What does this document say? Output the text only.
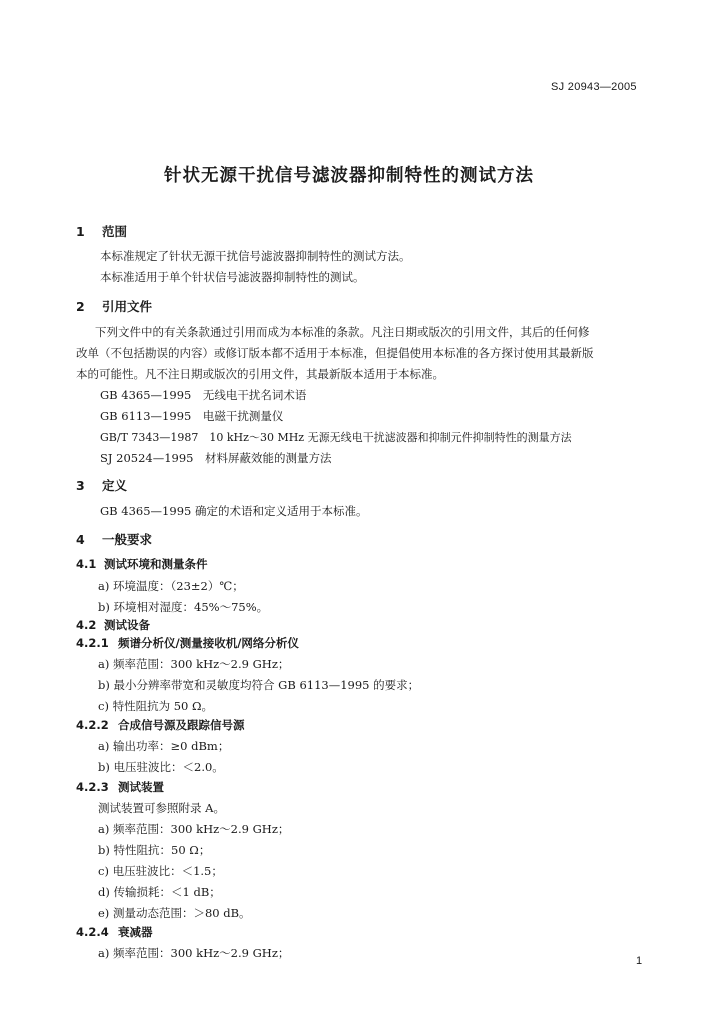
SJ 20943—2005
针状无源干扰信号滤波器抑制特性的测试方法
1 范围
本标准规定了针状无源干扰信号滤波器抑制特性的测试方法。
本标准适用于单个针状信号滤波器抑制特性的测试。
2 引用文件
下列文件中的有关条款通过引用而成为本标准的条款。凡注日期或版次的引用文件，其后的任何修
改单（不包括勘误的内容）或修订版本都不适用于本标准，但提倡使用本标准的各方探讨使用其最新版
本的可能性。凡不注日期或版次的引用文件，其最新版本适用于本标准。
GB 4365—1995　无线电干扰名词术语
GB 6113—1995　电磁干扰测量仪
GB/T 7343—1987　10 kHz～30 MHz 无源无线电干扰滤波器和抑制元件抑制特性的测量方法
SJ 20524—1995　材料屏蔽效能的测量方法
3 定义
GB 4365—1995 确定的术语和定义适用于本标准。
4 一般要求
4.1 测试环境和测量条件
a) 环境温度：（23±2）℃；
b) 环境相对湿度：45%～75%。
4.2 测试设备
4.2.1 频谱分析仪/测量接收机/网络分析仪
a) 频率范围：300 kHz～2.9 GHz；
b) 最小分辨率带宽和灵敏度均符合 GB 6113—1995 的要求；
c) 特性阻抗为 50 Ω。
4.2.2 合成信号源及跟踪信号源
a) 输出功率：≥0 dBm；
b) 电压驻波比：＜2.0。
4.2.3 测试装置
测试装置可参照附录 A。
a) 频率范围：300 kHz～2.9 GHz；
b) 特性阻抗：50 Ω；
c) 电压驻波比：＜1.5；
d) 传输损耗：＜1 dB；
e) 测量动态范围：＞80 dB。
4.2.4 衰减器
a) 频率范围：300 kHz～2.9 GHz；
1
